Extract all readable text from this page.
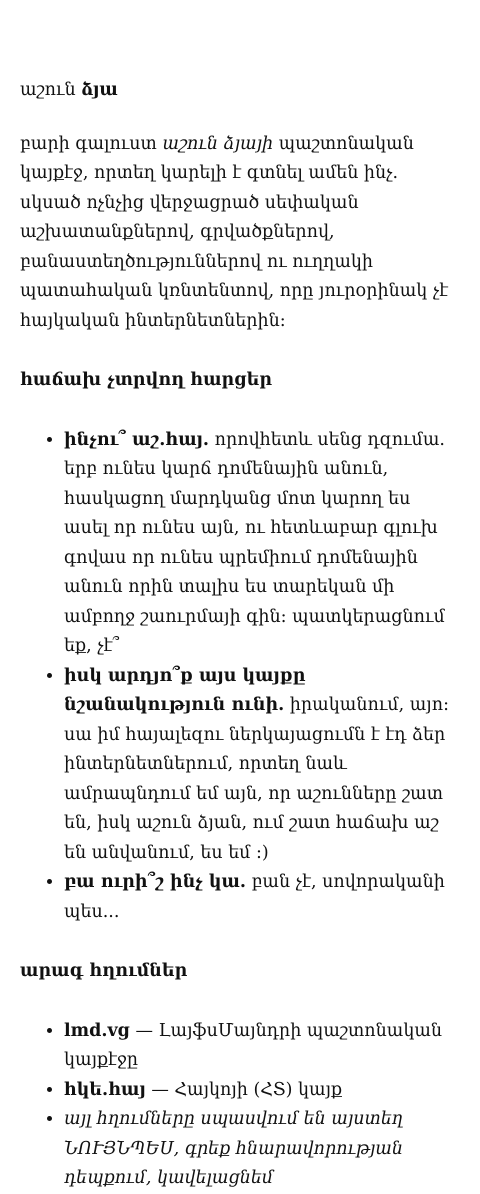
աշուն ձյա

բարի գալուստ աշուն ձյայի պաշտոնական կայքէջ, որտեղ կարելի է գտնել ամեն ինչ. սկսած ոչնչից վերջացրած սեփական աշխատանքներով, գրվածքներով, բանաստեղծություններով ու ուղղակի պատահական կռնտենտով, որը յուրօրինակ չէ հայկական ինտերնետներին:

հաճախ չտրվող հարցեր
• ինչու՞ աշ.հայ. որովհետև սենց դզումա. երբ ունես կարճ դոմենային անուն, հասկացող մարդկանց մոտ կարող ես ասել որ ունես այն, ու հետևաբար գլուխ գովաս որ ունես պրեմիում դոմենային անուն որին տալիս ես տարեկան մի ամբողջ շաուրմայի գին: պատկերացնում եք, չէ՞
• իսկ արդյո՞ք այս կայքը նշանակություն ունի. իրականում, այո: սա իմ հայալեզու ներկայացումն է էդ ձեր ինտերնետներում, որտեղ նաև ամրապնդում եմ այն, որ աշունները շատ են, իսկ աշուն ձյան, ում շատ հաճախ աշ են անվանում, ես եմ :)
• բա ուրի՞շ ինչ կա. բան չէ, սովորականի պես...
արագ հղումներ
• lmd.vg — ԼայֆսՄայնդրի պաշտոնական կայքէջը
• hկե.հայ — Հայկոյի (ՀՏ) կայք
• այլ հղումները սպասվում են այստեղ ՆՈՒՅՆՊԵՍ, գրեք հնարավորության դեպքում, կավելացնեմ
